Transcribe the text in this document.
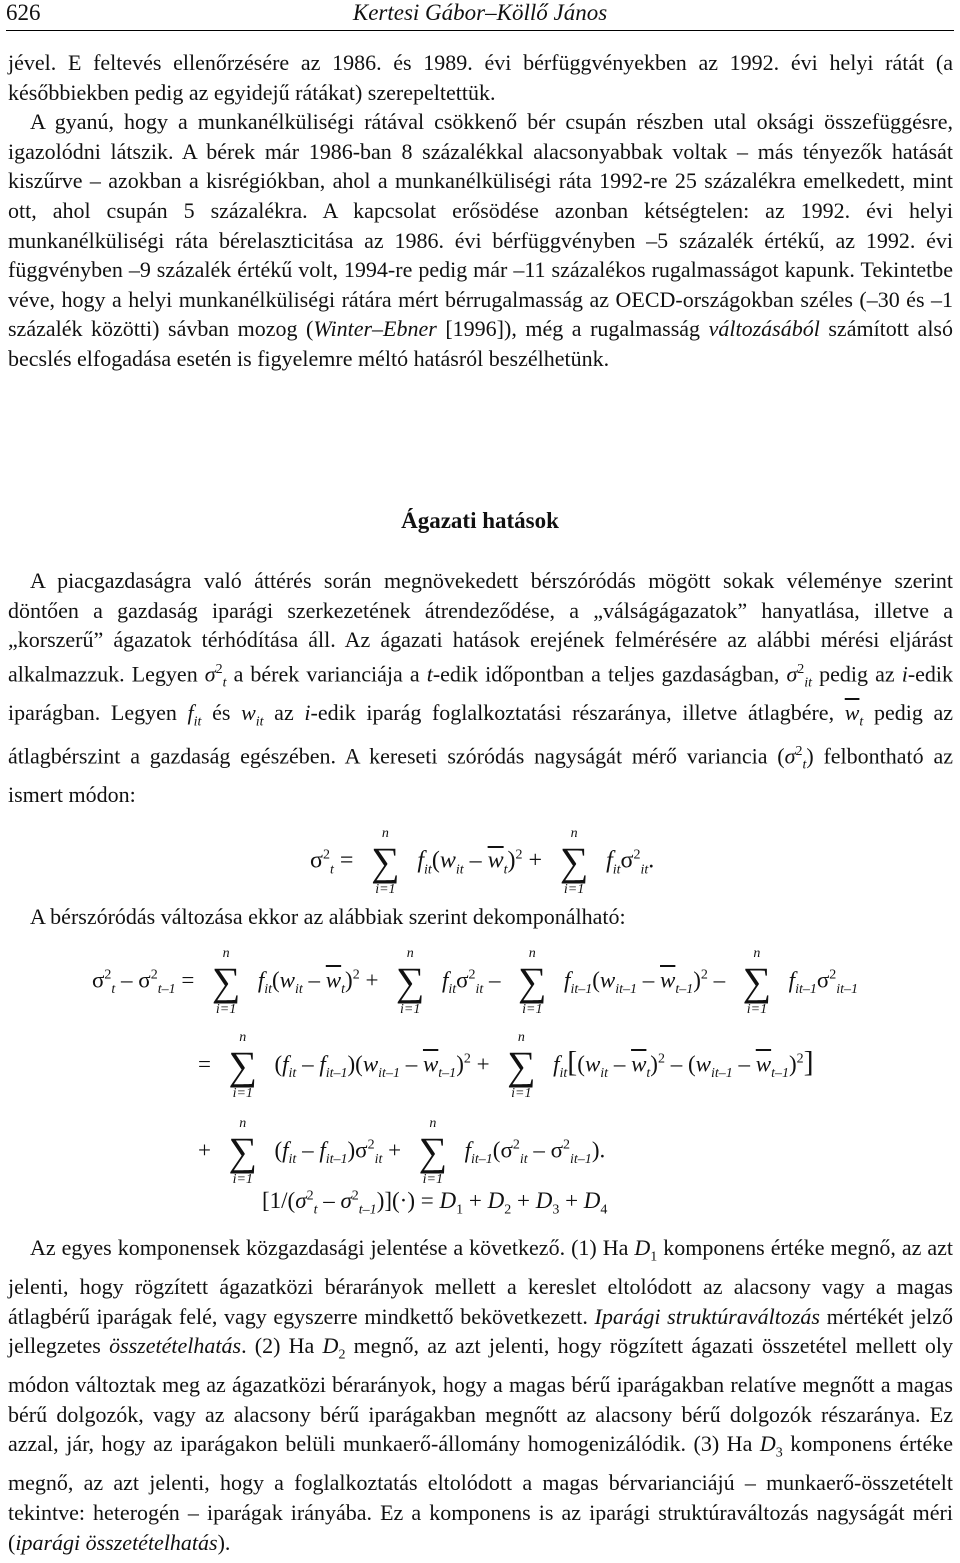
626	Kertesi Gábor–Köllő János

jével. E feltevés ellenőrzésére az 1986. és 1989. évi bérfüggvényekben az 1992. évi helyi rátát (a későbbiekben pedig az egyidejű rátákat) szerepeltettük.

A gyanú, hogy a munkanélküliségi rátával csökkenő bér csupán részben utal oksági összefüggésre, igazolódni látszik. A bérek már 1986-ban 8 százalékkal alacsonyabbak voltak – más tényezők hatását kiszűrve – azokban a kisrégiókban, ahol a munkanélküliségi ráta 1992-re 25 százalékra emelkedett, mint ott, ahol csupán 5 százalékra. A kapcsolat erősödése azonban kétségtelen: az 1992. évi helyi munkanélküliségi ráta bérelaszticitása az 1986. évi bérfüggvényben –5 százalék értékű, az 1992. évi függvényben –9 százalék értékű volt, 1994-re pedig már –11 százalékos rugalmasságot kapunk. Tekintetbe véve, hogy a helyi munkanélküliségi rátára mért bérrugalmasság az OECD-országokban széles (–30 és –1 százalék közötti) sávban mozog (Winter–Ebner [1996]), még a rugalmasság változásából számított alsó becslés elfogadása esetén is figyelemre méltó hatásról beszélhetünk.

Ágazati hatások

A piacgazdaságra való áttérés során megnövekedett bérszóródás mögött sokak véleménye szerint döntően a gazdaság iparági szerkezetének átrendeződése, a „válságágazatok” hanyatlása, illetve a „korszerű” ágazatok térhódítása áll. Az ágazati hatások erejének felmérésére az alábbi mérési eljárást alkalmazzuk. Legyen $\sigma^2_t$ a bérek varianciája a t-edik időpontban a teljes gazdaságban, $\sigma^2_{it}$ pedig az i-edik iparágban. Legyen $f_{it}$ és $w_{it}$ az i-edik iparág foglalkoztatási részaránya, illetve átlagbére, $\overline{w}_t$ pedig az átlagbérszint a gazdaság egészében. A kereseti szóródás nagyságát mérő variancia $(\sigma^2_t)$ felbontható az ismert módon:

$\sigma^2_t$ =
n
∑
i=1
$f_{it}(w_{it} - \overline{w}_t)^2$ +
n
∑
i=1
$f_{it}\sigma^2_{it}$.

A bérszóródás változása ekkor az alábbiak szerint dekomponálható:

$\sigma^2_t - \sigma^2_{t-1}$ =
n
∑
i=1
$f_{it}(w_{it} - \overline{w}_t)^2$ +
n
∑
i=1
$f_{it}\sigma^2_{it}$ –
n
∑
i=1
$f_{it-1}(w_{it-1} - \overline{w}_{t-1})^2$ –
n
∑
i=1
$f_{it-1}\sigma^2_{it-1}$
=
n
∑
i=1
$(f_{it} - f_{it-1})(w_{it-1} - \overline{w}_{t-1})^2$ +
n
∑
i=1
$f_{it}[(w_{it} - \overline{w}_t)^2 - (w_{it-1} - \overline{w}_{t-1})^2]$
+
n
∑
i=1
$(f_{it} - f_{it-1})\sigma^2_{it}$ +
n
∑
i=1
$f_{it-1}(\sigma^2_{it} - \sigma^2_{it-1})$.
$[1/(\sigma^2_t - \sigma^2_{t-1})](\cdot) = D_1 + D_2 + D_3 + D_4$

Az egyes komponensek közgazdasági jelentése a következő. (1) Ha $D_1$ komponens értéke megnő, az azt jelenti, hogy rögzített ágazatközi bérarányok mellett a kereslet eltolódott az alacsony vagy a magas átlagbérű iparágak felé, vagy egyszerre mindkettő bekövetkezett. Iparági struktúraváltozás mértékét jelző jellegzetes összetételhatás. (2) Ha $D_2$ megnő, az azt jelenti, hogy rögzített ágazati összetétel mellett oly módon változtak meg az ágazatközi bérarányok, hogy a magas bérű iparágakban relatíve megnőtt a magas bérű dolgozók, vagy az alacsony bérű iparágakban megnőtt az alacsony bérű dolgozók részaránya. Ez azzal, jár, hogy az iparágakon belüli munkaerő-állomány homogenizálódik. (3) Ha $D_3$ komponens értéke megnő, az azt jelenti, hogy a foglalkoztatás eltolódott a magas bérvarianciájú – munkaerő-összetételt tekintve: heterogén – iparágak irányába. Ez a komponens is az iparági struktúraváltozás nagyságát méri (iparági összetételhatás).
